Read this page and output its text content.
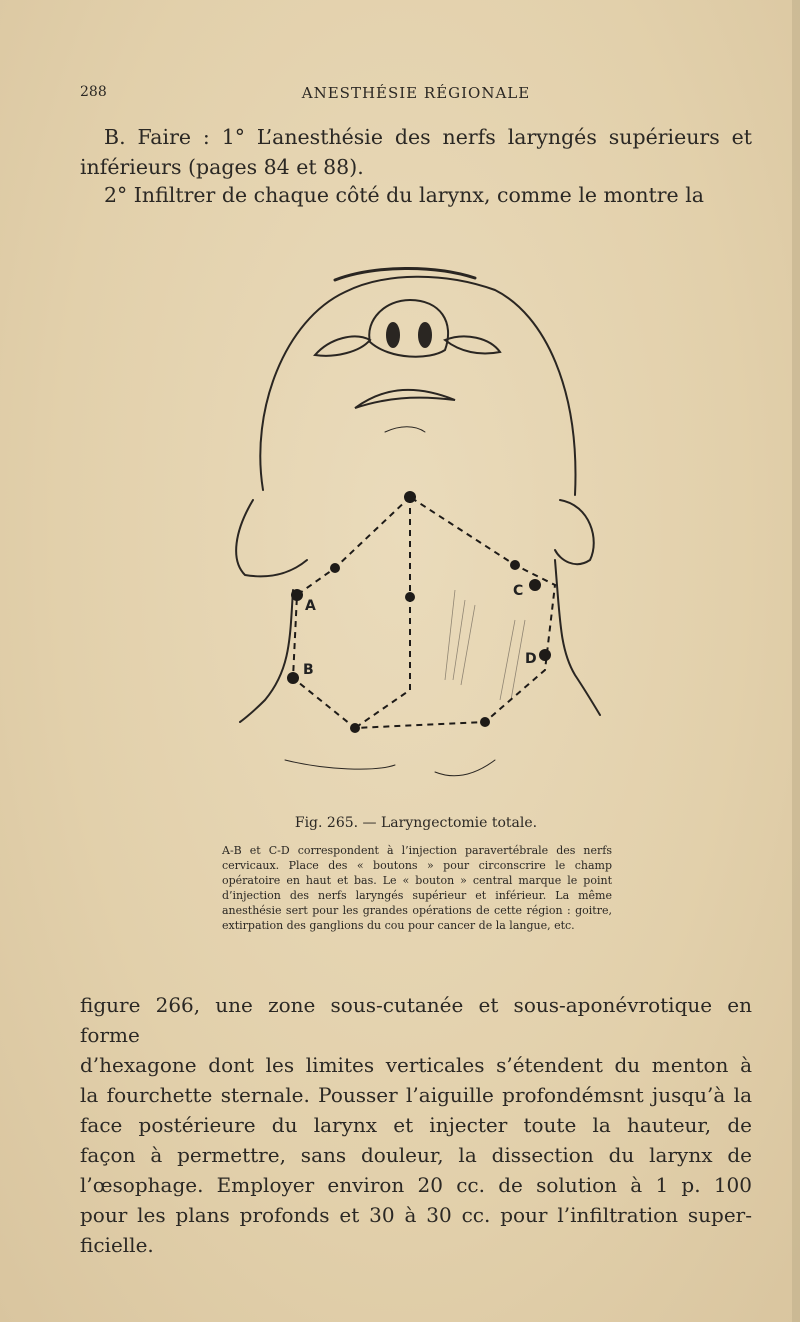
288	ANESTHÉSIE RÉGIONALE

B. Faire : 1° L’anesthésie des nerfs laryngés supérieurs et inférieurs (pages 84 et 88).

2° Infiltrer de chaque côté du larynx, comme le montre la

A
B
C
D
Fig. 265. — Laryngectomie totale.
A-B et C-D correspondent à l’injection paravertébrale des nerfs cervicaux. Place des « boutons » pour circonscrire le champ opératoire en haut et bas. Le « bouton » central marque le point d’injection des nerfs laryngés supérieur et inférieur. La même anesthésie sert pour les grandes opérations de cette région : goitre, extirpation des ganglions du cou pour cancer de la langue, etc.
figure 266, une zone sous-cutanée et sous-aponévrotique en forme
d’hexagone dont les limites verticales s’étendent du menton à
la fourchette sternale. Pousser l’aiguille profondémsnt jusqu’à la
face postérieure du larynx et injecter toute la hauteur, de
façon à permettre, sans douleur, la dissection du larynx de
l’œsophage. Employer environ 20 cc. de solution à 1 p. 100
pour les plans profonds et 30 à 30 cc. pour l’infiltration super-
ficielle.
